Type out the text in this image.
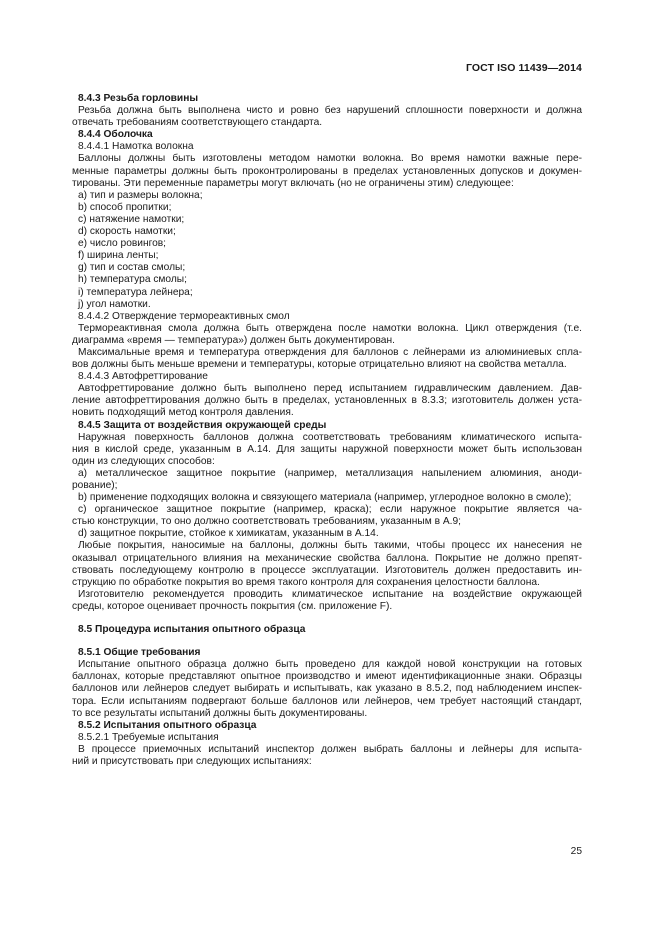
ГОСТ ISO 11439—2014
8.4.3 Резьба горловины
Резьба должна быть выполнена чисто и ровно без нарушений сплошности поверхности и должна
отвечать требованиям соответствующего стандарта.
8.4.4 Оболочка
8.4.4.1 Намотка волокна
Баллоны должны быть изготовлены методом намотки волокна. Во время намотки важные пере-
менные параметры должны быть проконтролированы в пределах установленных допусков и докумен-
тированы. Эти переменные параметры могут включать (но не ограничены этим) следующее:
a) тип и размеры волокна;
b) способ пропитки;
c) натяжение намотки;
d) скорость намотки;
e) число ровингов;
f) ширина ленты;
g) тип и состав смолы;
h) температура смолы;
i) температура лейнера;
j) угол намотки.
8.4.4.2 Отверждение термореактивных смол
Термореактивная смола должна быть отверждена после намотки волокна. Цикл отверждения (т.е.
диаграмма «время — температура») должен быть документирован.
Максимальные время и температура отверждения для баллонов с лейнерами из алюминиевых спла-
вов должны быть меньше времени и температуры, которые отрицательно влияют на свойства металла.
8.4.4.3 Автофреттирование
Автофреттирование должно быть выполнено перед испытанием гидравлическим давлением. Дав-
ление автофреттирования должно быть в пределах, установленных в 8.3.3; изготовитель должен уста-
новить подходящий метод контроля давления.
8.4.5 Защита от воздействия окружающей среды
Наружная поверхность баллонов должна соответствовать требованиям климатического испыта-
ния в кислой среде, указанным в А.14. Для защиты наружной поверхности может быть использован
один из следующих способов:
a) металлическое защитное покрытие (например, металлизация напылением алюминия, аноди-
рование);
b) применение подходящих волокна и связующего материала (например, углеродное волокно в смоле);
c) органическое защитное покрытие (например, краска); если наружное покрытие является ча-
стью конструкции, то оно должно соответствовать требованиям, указанным в А.9;
d) защитное покрытие, стойкое к химикатам, указанным в А.14.
Любые покрытия, наносимые на баллоны, должны быть такими, чтобы процесс их нанесения не
оказывал отрицательного влияния на механические свойства баллона. Покрытие не должно препят-
ствовать последующему контролю в процессе эксплуатации. Изготовитель должен предоставить ин-
струкцию по обработке покрытия во время такого контроля для сохранения целостности баллона.
Изготовителю рекомендуется проводить климатическое испытание на воздействие окружающей
среды, которое оценивает прочность покрытия (см. приложение F).
8.5 Процедура испытания опытного образца
8.5.1 Общие требования
Испытание опытного образца должно быть проведено для каждой новой конструкции на готовых
баллонах, которые представляют опытное производство и имеют идентификационные знаки. Образцы
баллонов или лейнеров следует выбирать и испытывать, как указано в 8.5.2, под наблюдением инспек-
тора. Если испытаниям подвергают больше баллонов или лейнеров, чем требует настоящий стандарт,
то все результаты испытаний должны быть документированы.
8.5.2 Испытания опытного образца
8.5.2.1 Требуемые испытания
В процессе приемочных испытаний инспектор должен выбрать баллоны и лейнеры для испыта-
ний и присутствовать при следующих испытаниях:
25
